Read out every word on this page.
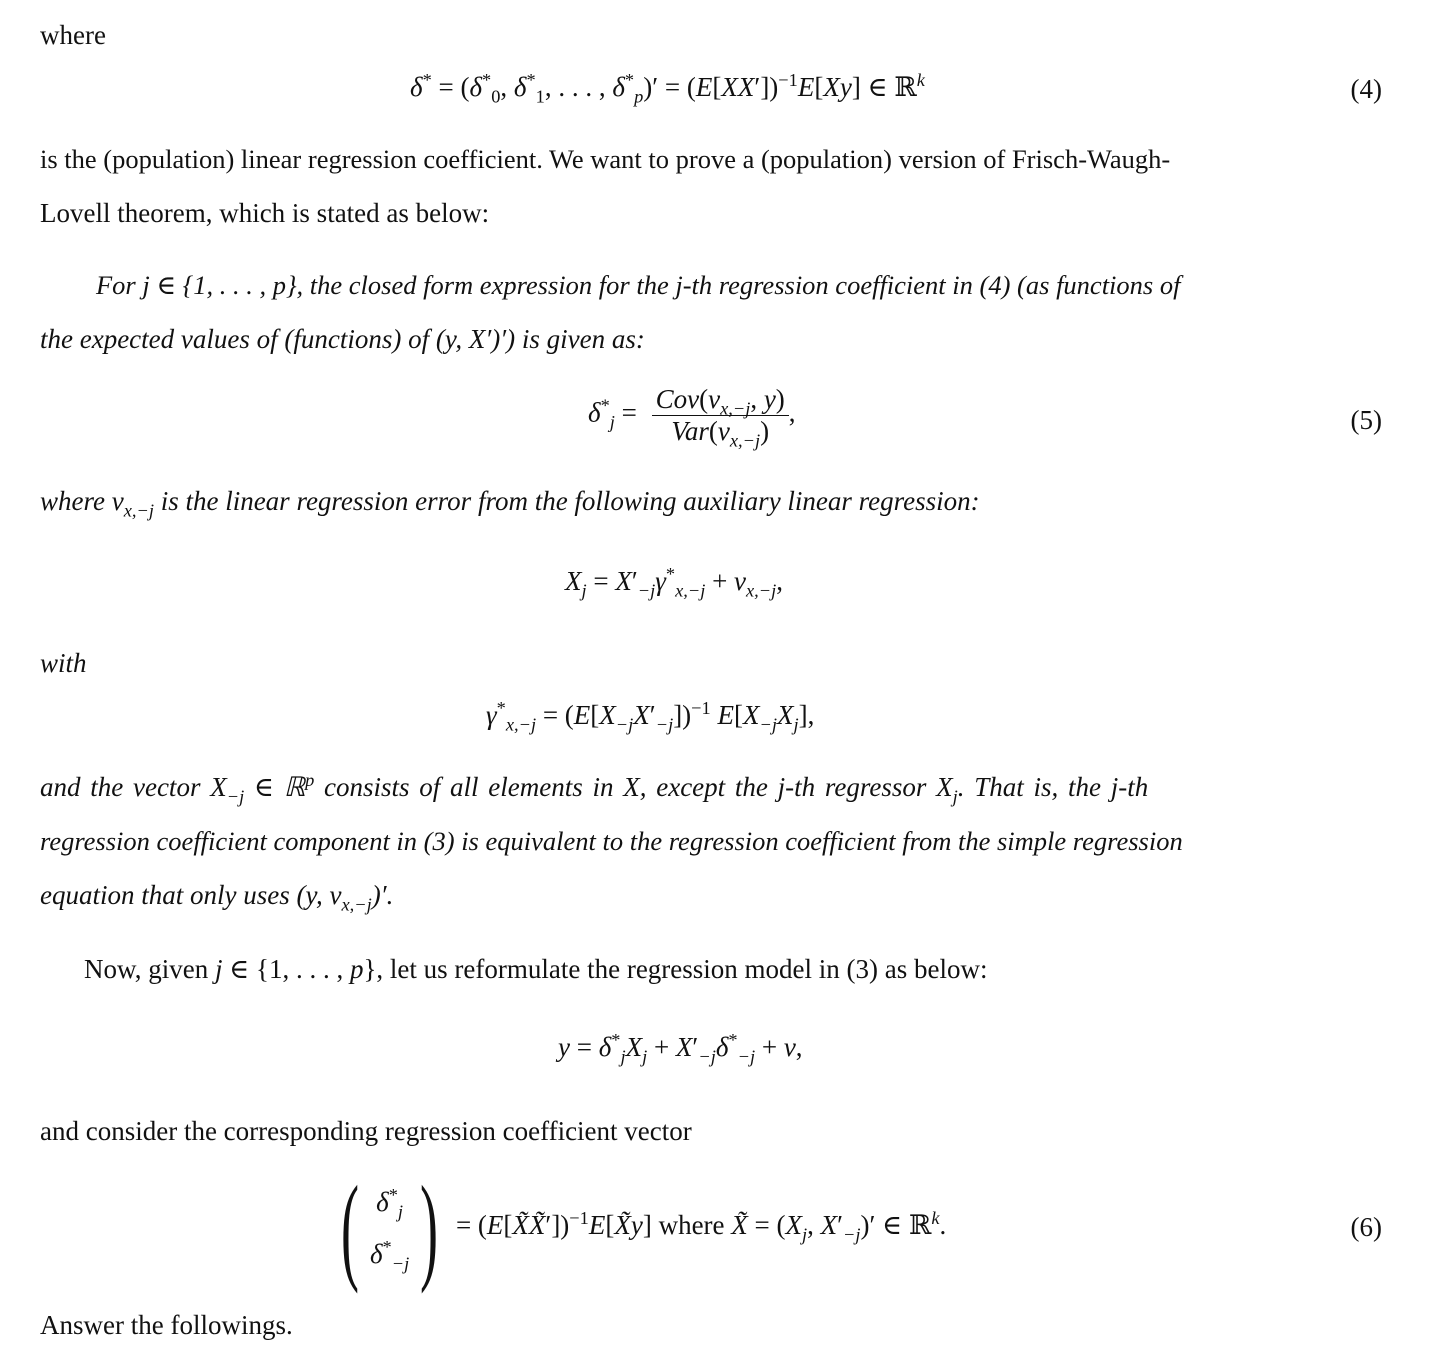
where
$\delta^* = (\delta^*_0$, $\delta^*_1$, . . . , $\delta^*_p)' = (E[XX'])^{-1}E[Xy]$ ∈ ℝ$^k$	(4)
is the (population) linear regression coefficient. We want to prove a (population) version of Frisch-Waugh-
Lovell theorem, which is stated as below:
For j ∈ {1, . . . , p}, the closed form expression for the j-th regression coefficient in (4) (as functions of
the expected values of (functions) of (y, X′)′) is given as:
$\delta^*_j = \frac{Cov(v_{x,-j}, y)}{Var(v_{x,-j})}$ ,	(5)
where $v_{x,-j}$ is the linear regression error from the following auxiliary linear regression:
$X_j = X'_{-j}\gamma^*_{x,-j} + v_{x,-j}$,
with
$\gamma^*_{x,-j} = (E[X_{-j}X'_{-j}])^{-1}$ $E[X_{-j}X_j]$,
and the vector $X_{-j}$ ∈ ℝ$^p$ consists of all elements in X, except the j-th regressor $X_j$. That is, the j-th
regression coefficient component in (3) is equivalent to the regression coefficient from the simple regression
equation that only uses (y, $v_{x,-j})'$.
Now, given j ∈ {1, . . . , p}, let us reformulate the regression model in (3) as below:
$y = \delta^*_jX_j + X'_{-j}\delta^*_{-j} + v$,
and consider the corresponding regression coefficient vector
( $\delta^*_j$
$\delta^*_{-j}$ ) = (E[X̃X̃′])$^{-1}$E[X̃y] where X̃ = ($X_j$, $X'_{-j})'$ ∈ ℝ$^k$.	(6)
Answer the followings.
